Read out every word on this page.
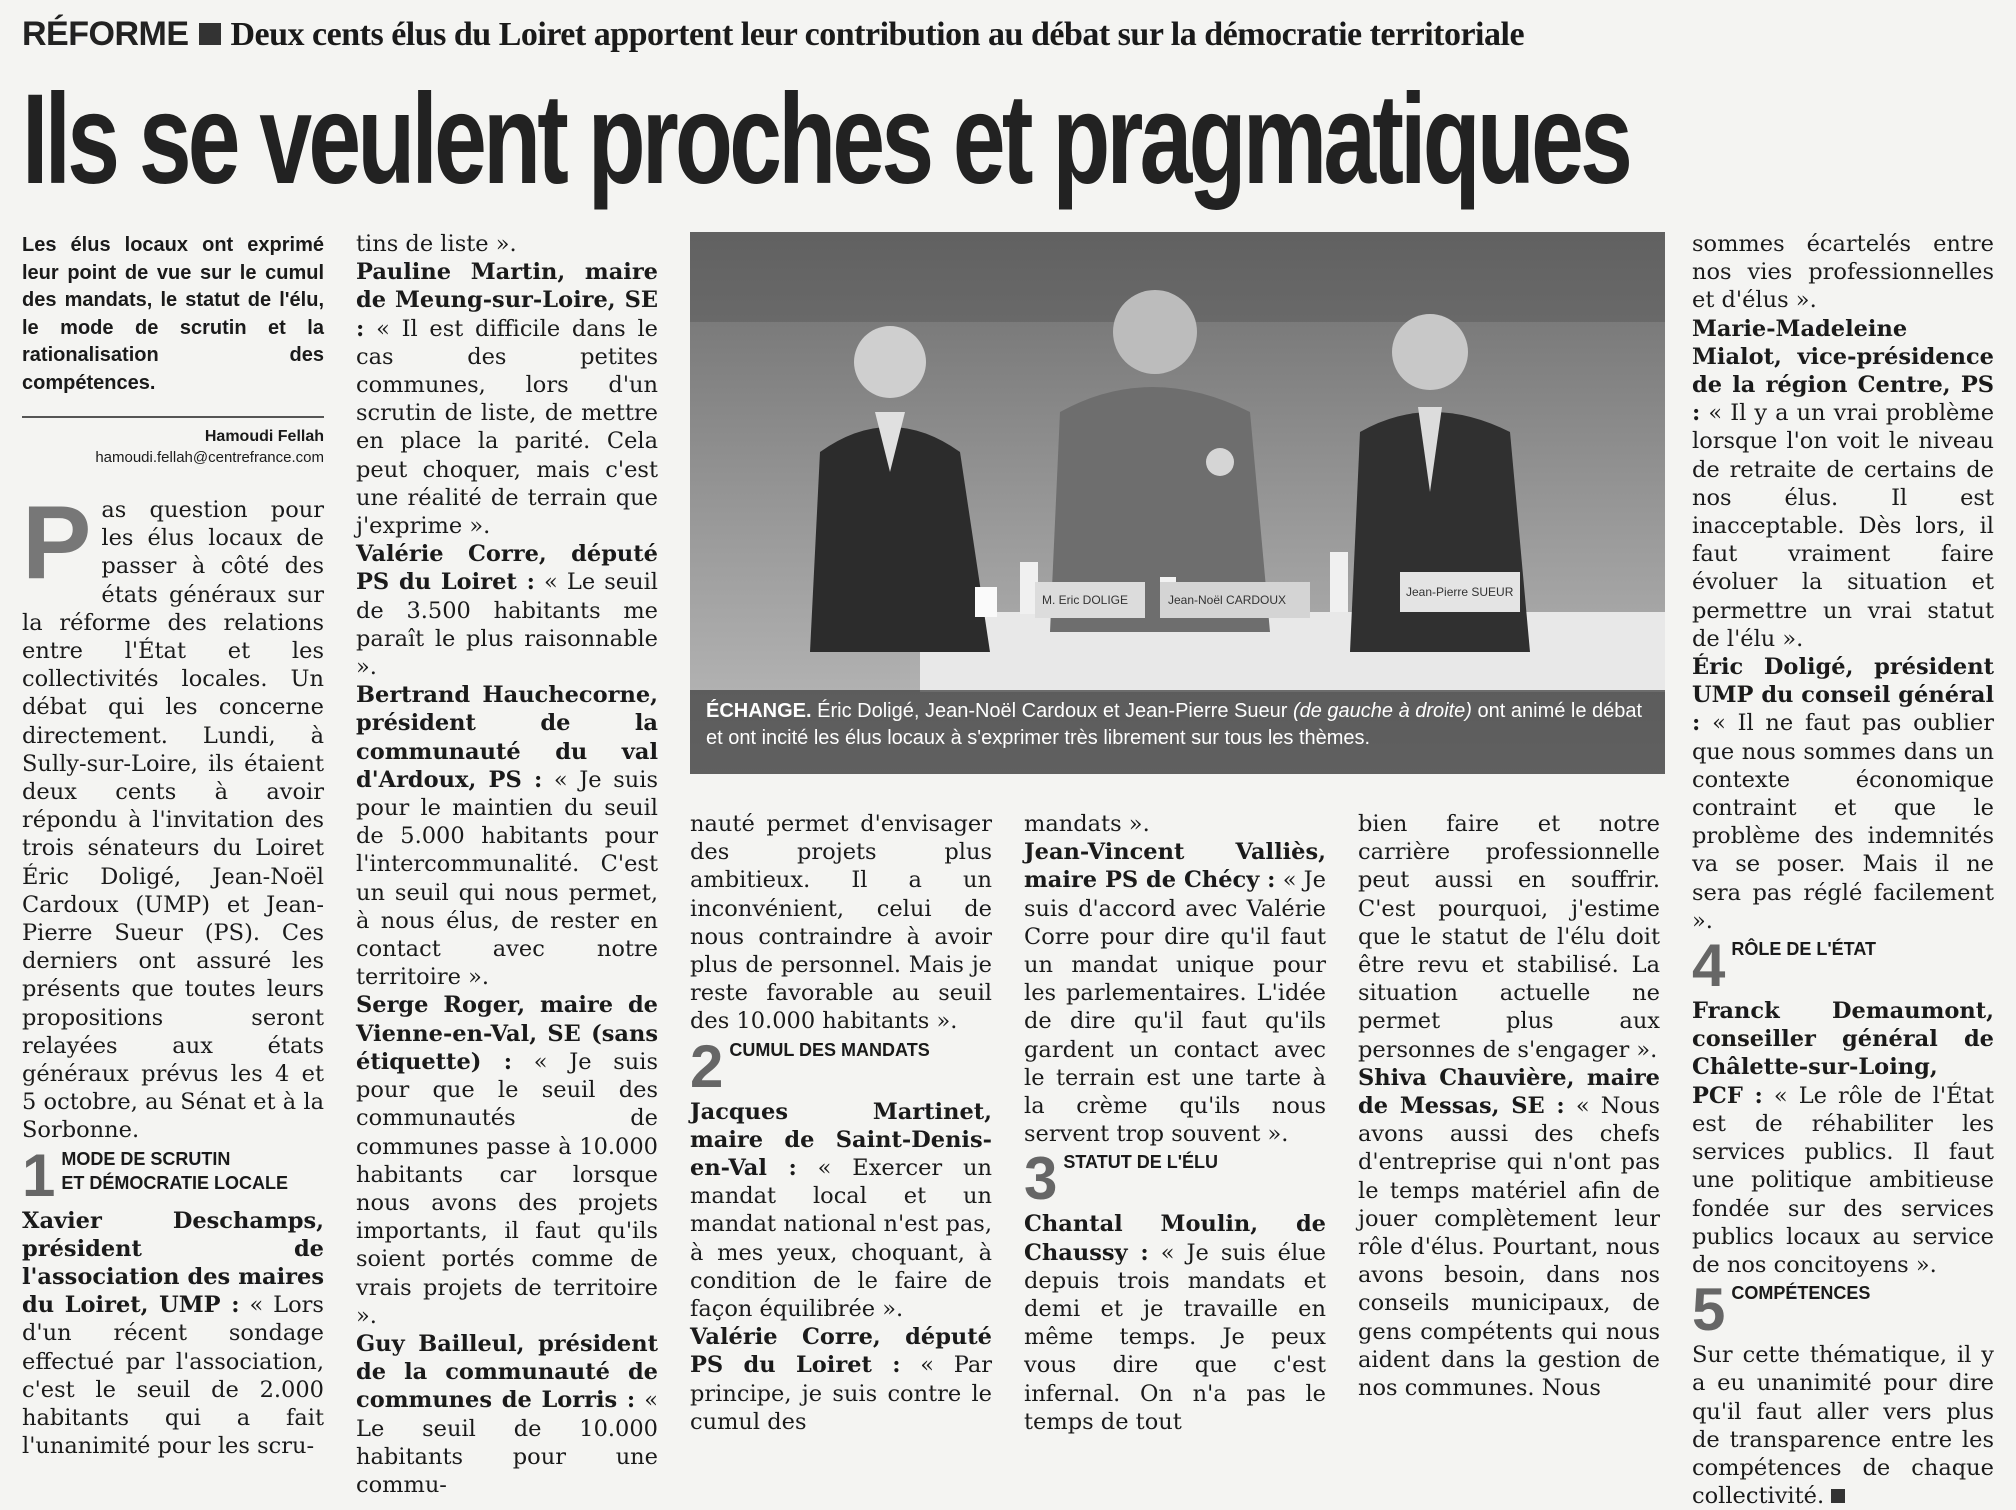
RÉFORME Deux cents élus du Loiret apportent leur contribution au débat sur la démocratie territoriale
Ils se veulent proches et pragmatiques
Les élus locaux ont exprimé leur point de vue sur le cumul des mandats, le statut de l'élu, le mode de scrutin et la rationalisation des compétences.
Hamoudi Fellah
hamoudi.fellah@centrefrance.com
P as question pour les élus locaux de passer à côté des états généraux sur la réforme des relations entre l'État et les collectivités locales. Un débat qui les concerne directement. Lundi, à Sully-sur-Loire, ils étaient deux cents à avoir répondu à l'invitation des trois sénateurs du Loiret Éric Doligé, Jean-Noël Cardoux (UMP) et Jean-Pierre Sueur (PS). Ces derniers ont assuré les présents que toutes leurs propositions seront relayées aux états généraux prévus les 4 et 5 octobre, au Sénat et à la Sorbonne.

1 MODE DE SCRUTIN
ET DÉMOCRATIE LOCALE

Xavier Deschamps, président de l'association des maires du Loiret, UMP : « Lors d'un récent sondage effectué par l'association, c'est le seuil de 2.000 habitants qui a fait l'unanimité pour les scru-

tins de liste ».

Pauline Martin, maire de Meung-sur-Loire, SE : « Il est difficile dans le cas des petites communes, lors d'un scrutin de liste, de mettre en place la parité. Cela peut choquer, mais c'est une réalité de terrain que j'exprime ».

Valérie Corre, député PS du Loiret : « Le seuil de 3.500 habitants me paraît le plus raisonnable ».

Bertrand Hauchecorne, président de la communauté du val d'Ardoux, PS : « Je suis pour le maintien du seuil de 5.000 habitants pour l'intercommunalité. C'est un seuil qui nous permet, à nous élus, de rester en contact avec notre territoire ».

Serge Roger, maire de Vienne-en-Val, SE (sans étiquette) : « Je suis pour que le seuil des communautés de communes passe à 10.000 habitants car lorsque nous avons des projets importants, il faut qu'ils soient portés comme de vrais projets de territoire ».

Guy Bailleul, président de la communauté de communes de Lorris : « Le seuil de 10.000 habitants pour une commu-

M. Eric DOLIGE	Jean-Noël CARDOUX
Jean-Pierre SUEUR
ÉCHANGE. Éric Doligé, Jean-Noël Cardoux et Jean-Pierre Sueur (de gauche à droite) ont animé le débat et ont incité les élus locaux à s'exprimer très librement sur tous les thèmes.

nauté permet d'envisager des projets plus ambitieux. Il a un inconvénient, celui de nous contraindre à avoir plus de personnel. Mais je reste favorable au seuil des 10.000 habitants ».

2 CUMUL DES MANDATS

Jacques Martinet, maire de Saint-Denis-en-Val : « Exercer un mandat local et un mandat national n'est pas, à mes yeux, choquant, à condition de le faire de façon équilibrée ».

Valérie Corre, député PS du Loiret : « Par principe, je suis contre le cumul des

mandats ».

Jean-Vincent Valliès, maire PS de Chécy : « Je suis d'accord avec Valérie Corre pour dire qu'il faut un mandat unique pour les parlementaires. L'idée de dire qu'il faut qu'ils gardent un contact avec le terrain est une tarte à la crème qu'ils nous servent trop souvent ».

3 STATUT DE L'ÉLU

Chantal Moulin, de Chaussy : « Je suis élue depuis trois mandats et demi et je travaille en même temps. Je peux vous dire que c'est infernal. On n'a pas le temps de tout

bien faire et notre carrière professionnelle peut aussi en souffrir. C'est pourquoi, j'estime que le statut de l'élu doit être revu et stabilisé. La situation actuelle ne permet plus aux personnes de s'engager ».

Shiva Chauvière, maire de Messas, SE : « Nous avons aussi des chefs d'entreprise qui n'ont pas le temps matériel afin de jouer complètement leur rôle d'élus. Pourtant, nous avons besoin, dans nos conseils municipaux, de gens compétents qui nous aident dans la gestion de nos communes. Nous

sommes écartelés entre nos vies professionnelles et d'élus ».

Marie-Madeleine Mialot, vice-présidence de la région Centre, PS : « Il y a un vrai problème lorsque l'on voit le niveau de retraite de certains de nos élus. Il est inacceptable. Dès lors, il faut vraiment faire évoluer la situation et permettre un vrai statut de l'élu ».

Éric Doligé, président UMP du conseil général : « Il ne faut pas oublier que nous sommes dans un contexte économique contraint et que le problème des indemnités va se poser. Mais il ne sera pas réglé facilement ».

4 RÔLE DE L'ÉTAT

Franck Demaumont, conseiller général de Châlette-sur-Loing, PCF : « Le rôle de l'État est de réhabiliter les services publics. Il faut une politique ambitieuse fondée sur des services publics locaux au service de nos concitoyens ».

5 COMPÉTENCES

Sur cette thématique, il y a eu unanimité pour dire qu'il faut aller vers plus de transparence entre les compétences de chaque collectivité.
